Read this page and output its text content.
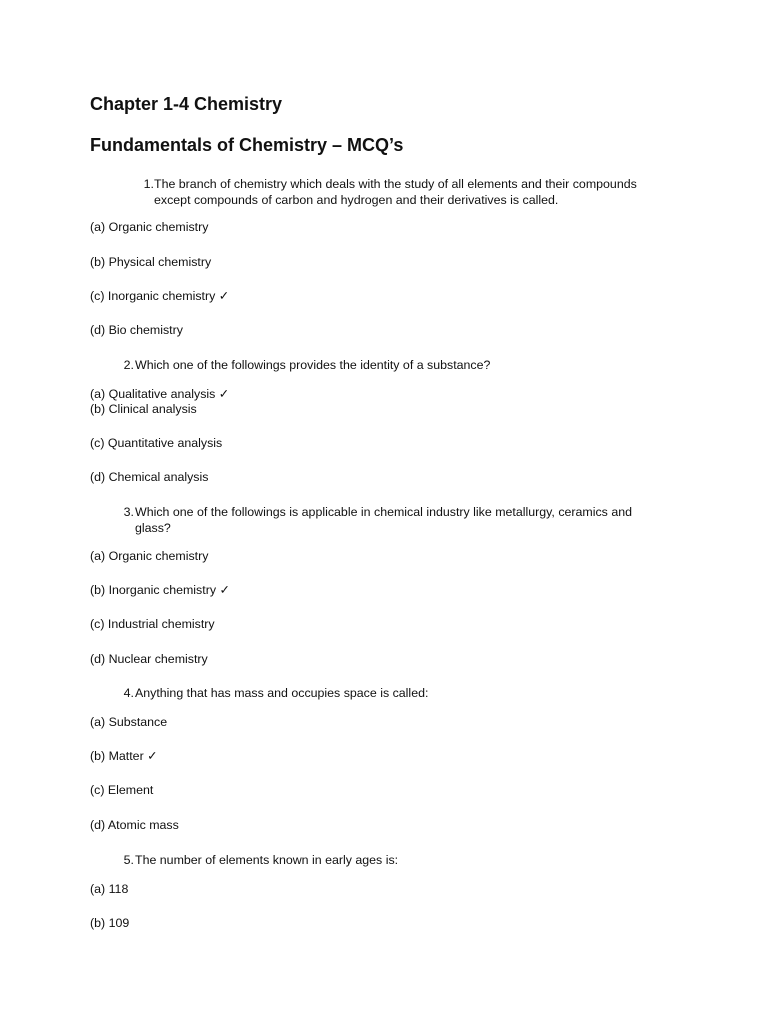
Chapter 1-4 Chemistry
Fundamentals of Chemistry – MCQ’s
1. The branch of chemistry which deals with the study of all elements and their compounds except compounds of carbon and hydrogen and their derivatives is called.
(a) Organic chemistry
(b) Physical chemistry
(c) Inorganic chemistry ✓
(d) Bio chemistry
2. Which one of the followings provides the identity of a substance?
(a) Qualitative analysis ✓
(b) Clinical analysis
(c) Quantitative analysis
(d) Chemical analysis
3. Which one of the followings is applicable in chemical industry like metallurgy, ceramics and glass?
(a) Organic chemistry
(b) Inorganic chemistry ✓
(c) Industrial chemistry
(d) Nuclear chemistry
4. Anything that has mass and occupies space is called:
(a) Substance
(b) Matter ✓
(c) Element
(d) Atomic mass
5. The number of elements known in early ages is:
(a) 118
(b) 109
